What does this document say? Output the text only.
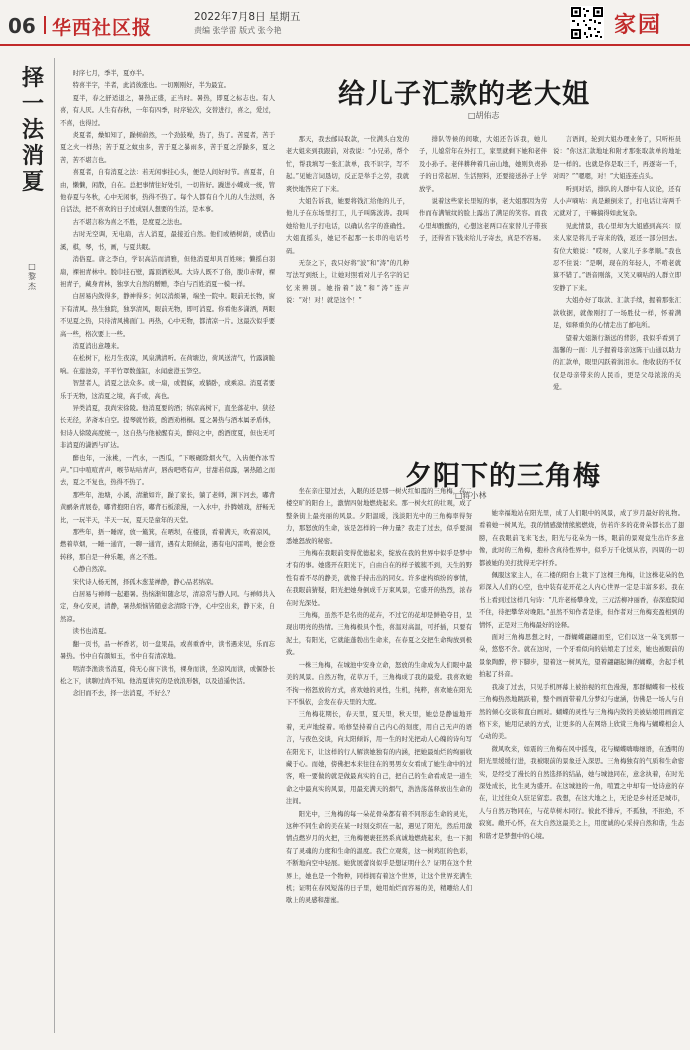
06 华西社区报	2022年7月8日 星期五
责编 张学雷 版式 张今艳	家园
择一法消夏
□黎杰

时序七月，季半，夏亦半。

特喜半字，半者，此消彼涨也。一切刚刚好，半为最宜。

夏半，春之舒适退之，暑热正盛，正当时。暑热，即夏之标志也。有人喜，有人厌。人生有春秋，一年有四季，时序轮次，交替进行，喜之，爱过，不喜，也得过。

炎夏者，燥如知了，躁树蔚然，一个劲鼓噪，热了，热了。苦夏者，苦于夏之火一样热；苦于夏之蚊虫多，苦于夏之暴雨多，苦于夏之浮躁多，夏之苦，苦不堪言也。

喜夏者，自有消夏之法：若无闲事挂心头，便是人间好时节。喜夏者，自由，懒懒，闲散，自在。总把事情往好处引，一切皆好。躁进小蝶成一统，管他春夏与冬秋，心中无闲事，热得不热了。每个人都有自个儿的人生法则，各自活法，把不喜欢的日子过成别人想要的生活，是本事。

古不堪言称为喜之不胜，是度夏之法也。

古时无空调，无电扇，古人消夏，最接近自然。他们或栖树荫，或借山溪，棋，琴，书，画，与夏共眠。

消俗夏。唐之李白，学识高洁而清雅，但他消夏却具百姓味；懒摇白羽扇，裸袒青林中。脱巾挂石壁，露顶洒松风。大诗人既不了俗，脱巾赤臂，裸袒青子，藏身青林，独享大自然的赠赠，李白与百姓消夏一模一样。

白居易内敛得多，静神得多；何以消烦暑，端坐一院中。眼前无长物，窗下有清风。热生独院，独享清风，眼前无物，即可消夏。你看他多潇洒，两眼不见夏之热，只待清风拂面门。再热，心中无物，都清凉一片。这最次似乎要高一些，格次要上一些。

消夏消出意趣来。

在松树下，松月生夜凉，风泉满清听。在荷塘边，荷风送清气，竹露滴脆响。在莲池旁，平平竹罩数莲缸，水闻虚澄玉笋空。

智慧者人，消夏之法众多。或一扇，或假寐，或躺卧，或乘凉。消夏者要乐于无物，这消夏之境，高手或，高也。

异类消夏，我尚宋徐陵。他消夏要的酒；纳凉高树下，直坐落花中。狭径长无径，茅斋本自空。提琴就竹筱，酌酒劝梧桐。夏之暑热与酒本属矛盾体，但诗人徐陵高度统一，这自热与他被醒有关，醉闷之中，酌酒度夏，但也无可非消夏的潇洒与旷达。

醉也年，一泳桃，一汽水，一西瓜，“下喉碾除烟火气，入齿便作冰雪声。”口中喧喧青声，喉节咕咕青声，唇齿吧嗒有声，甘甜若似露，暑热随之而去，夏之不复也，热得不热了。

那些年，池塘，小溪，清澈如许，躁了家长，躺了老师，渊下河去，嘟背黄鹂条青展卷，嘟背抱阳自容，嘟背石板漾漫，一入水中，扑腾嬉戏，舒畅无比，一玩半天，半天一玩，夏天是童年的天堂。

那些年，捂一睡席，放一簸箕，在晒坝，在楼顶，看着满天，吹着凉风，燃着草烟，一睡一通宵，一聊一通宵，遇有太阳倾盆，遇有电闪雷鸣，便会登转移，那自是一种乐趣，喜之不胜。

心静自然凉。

宋代诗人杨无图，择孤木葱茏禅静，静心品茗纳凉。

白居易与禅师一起避暑。热恼渐知随念尽，清凉常与静人同。与禅师共入定，身心安灵，清静，暑热烦恼皆随意念清除干净，心中空出来，静下来，自然凉。

读书也消夏。

翻一页书，品一杯香茗，切一盘果品，或喜重香中，读书遇来见，乐而忘暑热。书中自有颜如玉，书中自有清凉地。

明清李渔读书消夏，倚无心窗下读书，裸身而读，坐凉风而读，或偃卧长松之下，读聊过尚不知。他消夏讲究的是放浪形骸，以及逍遥快活。

念旧而不去，择一法消夏，不好么？

给儿子汇款的老大姐
□胡佑志

那天，我去邮局取款，一位满头白发的老大姐来到我跟前，对我说：“小兄弟，帮个忙，帮我填写一张汇款单，我不识字，写不起。”见她言词恳切，反正是举手之劳，我就爽快地答应了下来。

大姐告诉我，她要将钱汇给他的儿子，他儿子在东场里打工，儿子叫陈波涛。我叫她给他儿子打电话，以确认名字的准确性。大姐直摇头，她记不起那一长串的电话号码。

无奈之下，我只好将“波”和“涛”的几种写法写到纸上，让她对照看对儿子名字的记忆来辨别。她指着“波”和“涛”连声说：“对！对！就是这个！”

排队等候的间歇，大姐还告诉我，她儿子，儿媳常年在外打工，家里就剩下她和老伴及小孙子。老伴耕种着几亩山地，她则负责孙子的日常起居、生活照料，还要接送孙子上学放学。

说着这些家长里短的事，老大姐那因为劳作而布满皱纹的脸上露出了满足的笑容。而我心里却酸酸的，心想这老两口在家替儿子带孩子，还得省下钱来给儿子寄去，真是不容易。

言语间，轮到大姐办理业务了，只听柜员说：“你这汇款地址和附才那张取款单的地址是一样的。也就是你是取三千，再逐寄一千，对吗？”“嗯嗯，对！”大姐连连点头。

听到对话，排队的人群中有人议论，还有人小声嘀咕：真是颠倒来了，打电话让寄两千元就对了，干嘛搞得如此复杂。

见此情景，我心里却为大姐感到高兴：原来人家是将儿子寄来的钱，返还一部分回去。有位大娘说：“哎呀，人家儿子多孝顺。”我也忍不住说：“是啊，现在的年轻人，不啃老就算不错了。”语音刚落，又笑又嘀咕的人群立即安静了下来。

大姐办好了取款、汇款手续，握着那张汇款收据，就像刚打了一场胜仗一样，怀着满足，如释重负的心情走出了邮电所。

望着大姐渐行渐远的背影，我似乎看到了温馨的一面：儿子握着母亲这陈干山通以助力的汇款单，眼里闪跃着润泪水。他收获的不仅仅是母亲带来的人民币，更是父母浓浓的关爱。

夕阳下的三角梅
□蒋小林

坐在亲庄望过去，入眼的还是那一树火红如霞的三角梅，在二楼空旷的阳台上，激情四射地燃烧起来。那一树火红的壮观，成了整条街上最亮丽的风景。夕阳温暖，浅淡阳光中的三角梅率得努力，那怒放的生命，该是怎样的一种力量？我走了过去，似乎要洞悉她怒放的秘密。

三角梅在我眼前变得优德起来，绽放在我的世界中似乎是梦中才有的事。她盛开在阳光下，自由自在的样子簇簇不到，天生的野性有看不尽的静美，就像手持击出的同女。许多虚构缤纷的事情，在我眼前猜疑，阳光把她身倒成千万束风景，它盛开的热烈，浓春在时光深处。

三角梅，虽然不是名贵的花卉，不过它的花却是鲜艳夺目，呈现出明亮的热情。三角梅极具个性，喜温对高温，可扦插，只要有泥土，有阳光，它就能蓬勃出生命来，在春夏之交把生命绚放到极致。

一株三角梅，在城池中安身立命，怒放的生命成为人们眼中最美的风景。自然万物，花草万千，三角梅成了我的最爱。我喜欢她不拘一格怒放的方式，喜欢她的灵性，生机，纯粹，喜欢她在阳光下不惧依，会发在春天里的大度。

三角梅花期长，春天里，夏天里，秋天里，她总是静谧地开着，无声地绽着。哈修坚持着自己内心的刻度，用自己无声的语言，与夜色交谈，向太阳倾诉，用一生的时光把动人心魄的诗句写在阳光下，让这样的行人解读她独有的内涵，把她最灿烂的绚丽收藏于心。而她，傍佛把本来往往在的男男女女看成了她生命中的过客，唯一要做的就是做最真实的自己，把自己的生命看成是一道生命之中最真实的风景，用最充满天的烟气，浩浩荡荡释放出生命的注间。

阳光中，三角梅的每一朵花骨朵都有着不同形态生命的灵光，这种不同生命的美在某一时刻交织在一起，遇见了阳光，然后用激情点燃岁月的火把，三角梅便裹狂然系真诚地燃烧起来，也一下拥有了灵魂的力度和生命的温度。我伫立观赏，这一树鸡肛的色彩，不断地向空中轻展。她犹展蕾岗似乎是想证明什么？证明在这个世界上，她也是一个物种，同样拥有着这个世界，让这个世界充满生机；证明在春风短荡的日子里，她用灿烂而容易的美，精雕给人们歇上的灵感和甜蜜。

她幸福地站在阳光里，成了人们眼中的风景，成了岁月最好的礼物。看着她一树风光，我的情感激情熊熊燃烧，仿若许多的花骨朵都长出了翅膀，在我眼前飞来飞去，阳光与花朵为一体，眼前的景观竟生出许多意像，此时的三角梅，抱朴含真待性界中，似乎万千化烦从容，四周的一切都被她的美打扰得无字杆乔。

佩服这家主人，在二楼的阳台上栽下了这棵三角梅，让这株花朵的色彩深入人们的心空，也中装有花开花之人内心世界一定是丰富多彩。我在书上看到过这样几句诗：“几许老杨攀身发，三元活柳冲丽香，春深庭院闻不住，待把攀华对晚阳。”虽然不知作者是谁，但作者对三角梅充盈相到的情怀，正是对三角梅最好的诠释。

面对三角梅思想之时，一群蝴蝶翩翩而至，它们以这一朵飞到那一朵，悠悠不舍。就在这时，一个牙看似向的姑娘走了过来，她也被眼前的景象陶醉，停下脚步，望着这一树风光，望着翩翩起舞的蝴蝶，舍起手机拍起了抖音。

我凑了过去，只见手机屏幕上被拍视的红色漫漫，那群蝴蝶和一枝枝三角梅热然地跳跃着，整个画面带着几分梦幻与虚涵，仿佛是一场人与自然的倾心交谈和直白画对。蝴蝶的灵性与三角梅内敛的美被姑娘用画面定格下来，她用记录的方式，让更多的人在网络上欣赏三角梅与蝴蝶相会人心动的美。

微风吹来，如震的三角梅在风中摇曳，花与蝴蝶嗨嗨细语，在透明的阳光里缓缓行进，我被眼前的景象迁入深思。三角梅独有的气质和生命密实，是经受了漫长的自然选择的结晶，她与城池同在，意念执着，在时光深处成长，比生灵为盛开。在这城池的一角，喧置之中却有一处诗意的存在，让过往众人驻足留恋。我想，在这大地之上，无论是乡村还是城市，人与自然万物同在，与花草树木同行。彼此不排斥，不孤独，不拒绝，不寂寞。敞开心怀，在大自然这最美之上，用度诚的心采持自然和谐，生态和谐才是梦想中的心境。
